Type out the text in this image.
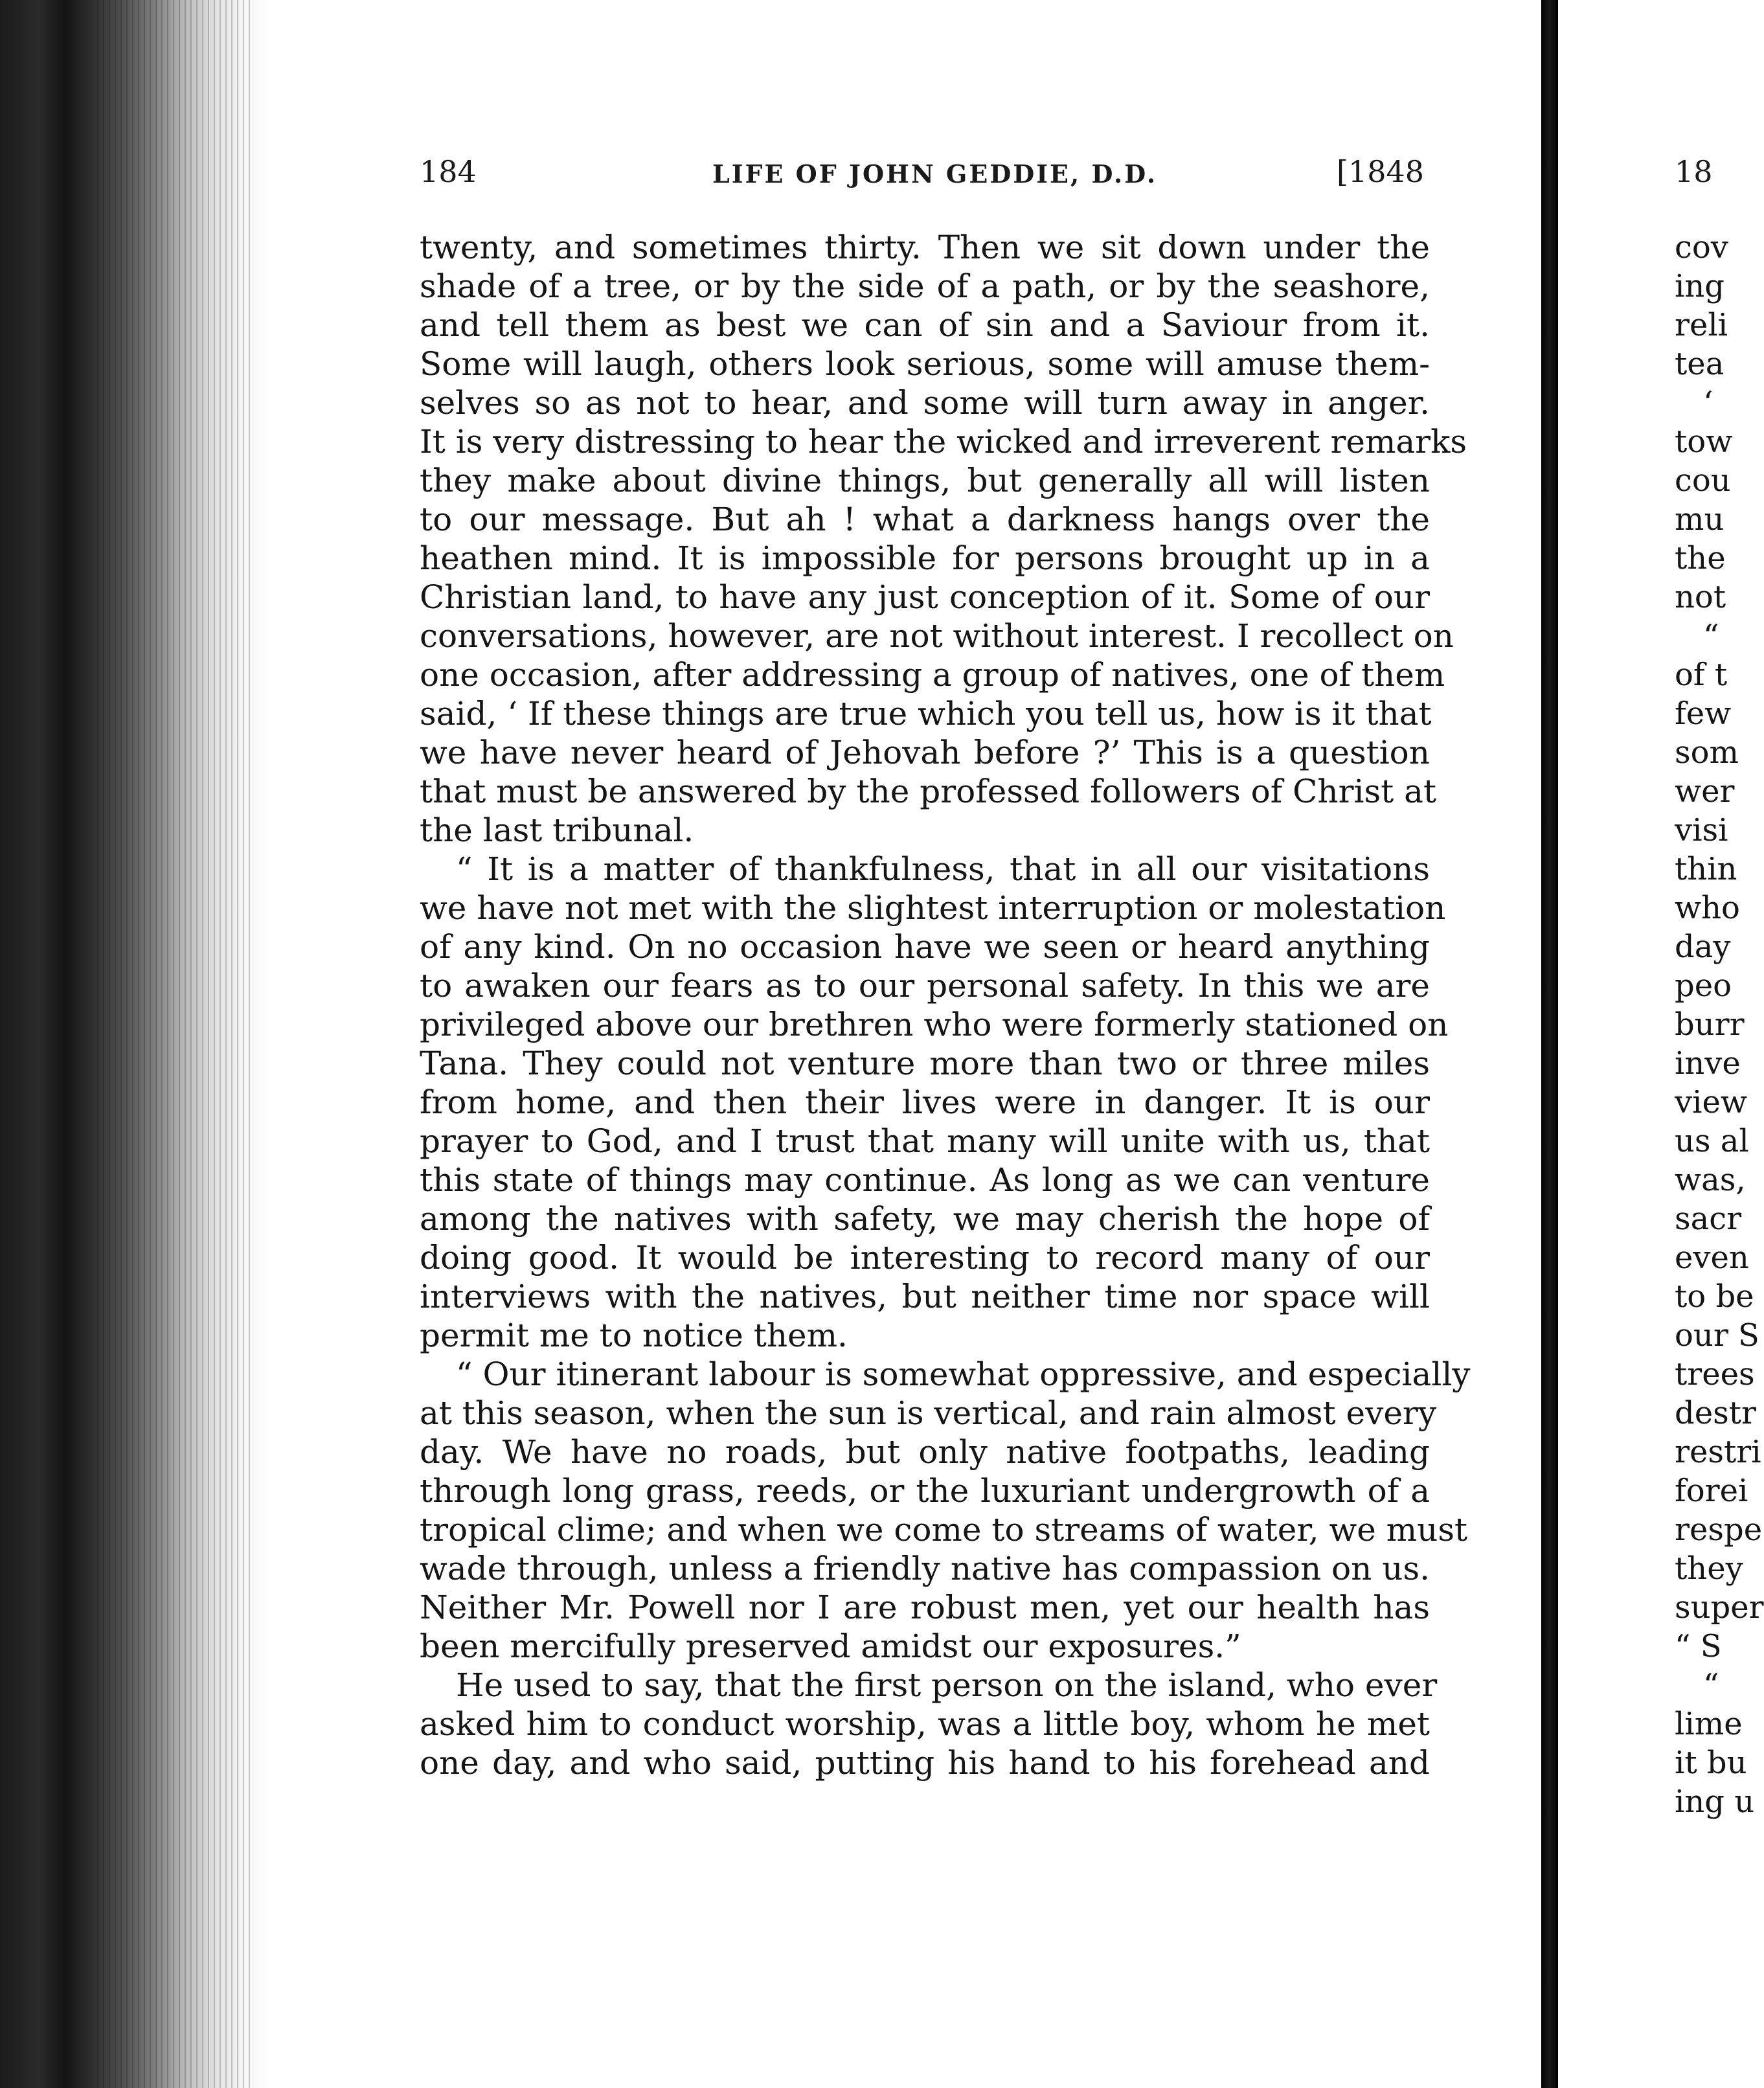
184	LIFE OF JOHN GEDDIE, D.D.	[1848
twenty, and sometimes thirty. Then we sit down under the
shade of a tree, or by the side of a path, or by the seashore,
and tell them as best we can of sin and a Saviour from it.
Some will laugh, others look serious, some will amuse them-
selves so as not to hear, and some will turn away in anger.
It is very distressing to hear the wicked and irreverent remarks
they make about divine things, but generally all will listen
to our message. But ah ! what a darkness hangs over the
heathen mind. It is impossible for persons brought up in a
Christian land, to have any just conception of it. Some of our
conversations, however, are not without interest. I recollect on
one occasion, after addressing a group of natives, one of them
said, ‘ If these things are true which you tell us, how is it that
we have never heard of Jehovah before ?’ This is a question
that must be answered by the professed followers of Christ at
the last tribunal.
“ It is a matter of thankfulness, that in all our visitations
we have not met with the slightest interruption or molestation
of any kind. On no occasion have we seen or heard anything
to awaken our fears as to our personal safety. In this we are
privileged above our brethren who were formerly stationed on
Tana. They could not venture more than two or three miles
from home, and then their lives were in danger. It is our
prayer to God, and I trust that many will unite with us, that
this state of things may continue. As long as we can venture
among the natives with safety, we may cherish the hope of
doing good. It would be interesting to record many of our
interviews with the natives, but neither time nor space will
permit me to notice them.
“ Our itinerant labour is somewhat oppressive, and especially
at this season, when the sun is vertical, and rain almost every
day. We have no roads, but only native footpaths, leading
through long grass, reeds, or the luxuriant undergrowth of a
tropical clime; and when we come to streams of water, we must
wade through, unless a friendly native has compassion on us.
Neither Mr. Powell nor I are robust men, yet our health has
been mercifully preserved amidst our exposures.”
He used to say, that the first person on the island, who ever
asked him to conduct worship, was a little boy, whom he met
one day, and who said, putting his hand to his forehead and
18
cov
ing
reli
tea
‘
tow
cou
mu
the
not
“
of t
few
som
wer
visi
thin
who
day
peo
burr
inve
view
us al
was,
sacr
even
to be
our S
trees
destr
restri
forei
respe
they
super
“ S
“
lime
it bu
ing u
